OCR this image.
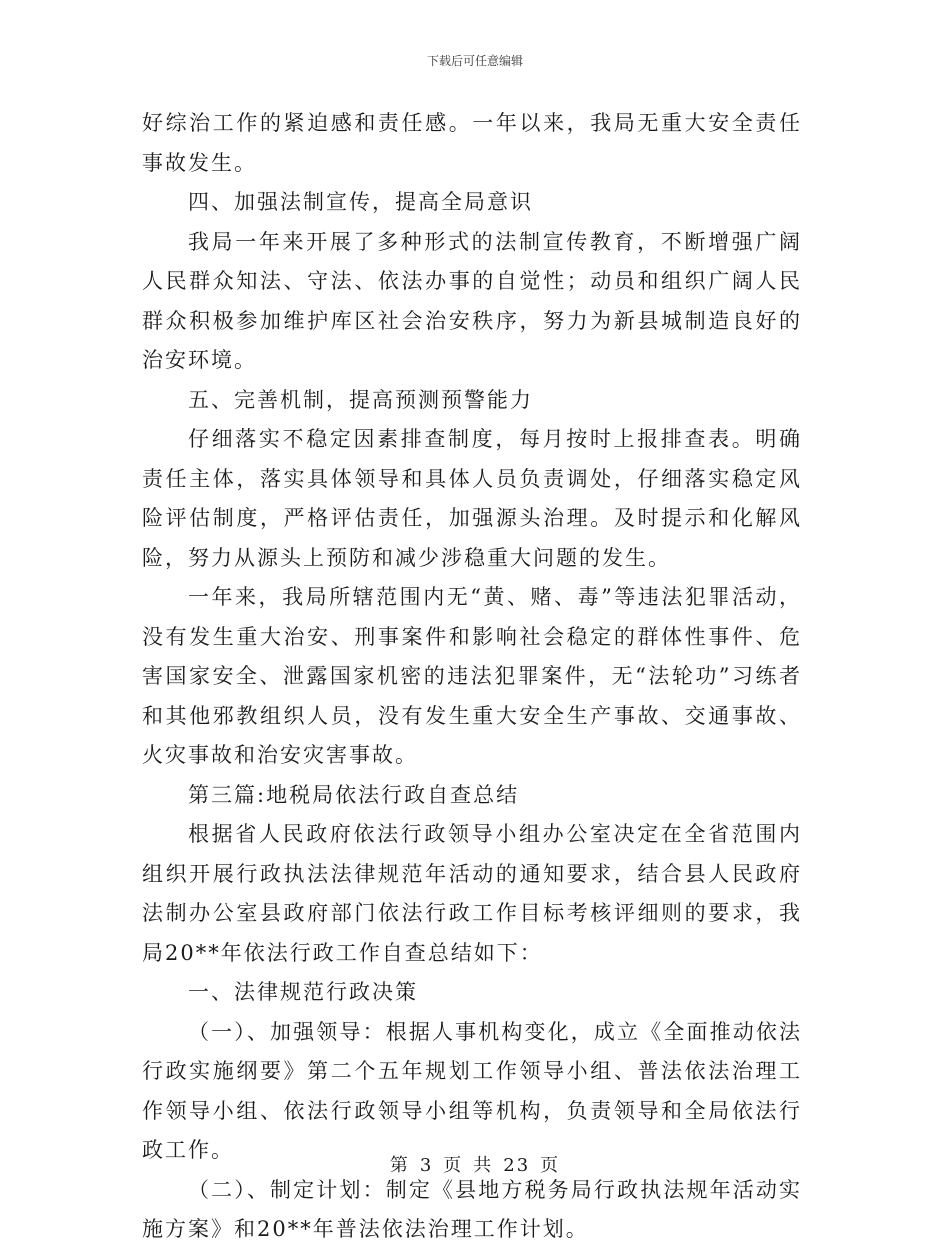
下载后可任意编辑

好综治工作的紧迫感和责任感。一年以来，我局无重大安全责任事故发生。

四、加强法制宣传，提高全局意识

我局一年来开展了多种形式的法制宣传教育，不断增强广阔人民群众知法、守法、依法办事的自觉性；动员和组织广阔人民群众积极参加维护库区社会治安秩序，努力为新县城制造良好的治安环境。

五、完善机制，提高预测预警能力

仔细落实不稳定因素排查制度，每月按时上报排查表。明确责任主体，落实具体领导和具体人员负责调处，仔细落实稳定风险评估制度，严格评估责任，加强源头治理。及时提示和化解风险，努力从源头上预防和减少涉稳重大问题的发生。

一年来，我局所辖范围内无“黄、赌、毒”等违法犯罪活动，没有发生重大治安、刑事案件和影响社会稳定的群体性事件、危害国家安全、泄露国家机密的违法犯罪案件，无“法轮功”习练者和其他邪教组织人员，没有发生重大安全生产事故、交通事故、火灾事故和治安灾害事故。

第三篇:地税局依法行政自查总结

根据省人民政府依法行政领导小组办公室决定在全省范围内组织开展行政执法法律规范年活动的通知要求，结合县人民政府法制办公室县政府部门依法行政工作目标考核评细则的要求，我局20**年依法行政工作自查总结如下：

一、法律规范行政决策

（一）、加强领导：根据人事机构变化，成立《全面推动依法行政实施纲要》第二个五年规划工作领导小组、普法依法治理工作领导小组、依法行政领导小组等机构，负责领导和全局依法行政工作。

（二）、制定计划：制定《县地方税务局行政执法规年活动实施方案》和20**年普法依法治理工作计划。

第 3 页 共 23 页
